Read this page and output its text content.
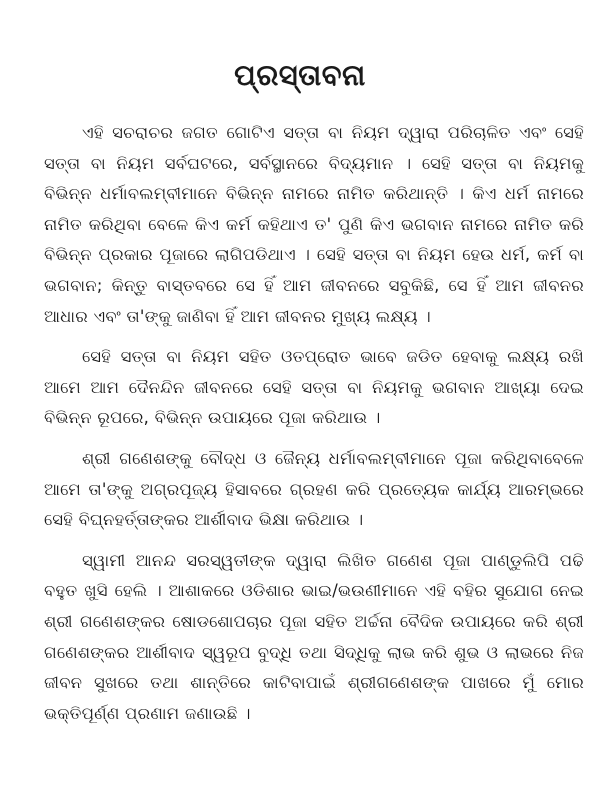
ପ୍ରସ୍ତାବନା

ଏହି ସଚରାଚର ଜଗତ ଗୋଟିଏ ସତ୍ତା ବା ନିୟମ ଦ୍ୱାରା ପରିଚାଳିତ ଏବଂ ସେହି ସତ୍ତା ବା ନିୟମ ସର୍ବଘଟରେ, ସର୍ବସ୍ଥାନରେ ବିଦ୍ୟମାନ । ସେହି ସତ୍ତା ବା ନିୟମକୁ ବିଭିନ୍ନ ଧର୍ମାବଲମ୍ବୀମାନେ ବିଭିନ୍ନ ନାମରେ ନାମିତ କରିଥାନ୍ତି । କିଏ ଧର୍ମ ନାମରେ ନାମିତ କରିଥିବା ବେଳେ କିଏ କର୍ମ କହିଥାଏ ତ' ପୁଣି କିଏ ଭଗବାନ ନାମରେ ନାମିତ କରି ବିଭିନ୍ନ ପ୍ରକାର ପୂଜାରେ ଲାଗିପଡିଥାଏ । ସେହି ସତ୍ତା ବା ନିୟମ ହେଉ ଧର୍ମ, କର୍ମ ବା ଭଗବାନ; କିନ୍ତୁ ବାସ୍ତବରେ ସେ ହିଁ ଆମ ଜୀବନରେ ସବୁକିଛି, ସେ ହିଁ ଆମ ଜୀବନର ଆଧାର ଏବଂ ତା'ଙ୍କୁ ଜାଣିବା ହିଁ ଆମ ଜୀବନର ମୁଖ୍ୟ ଲକ୍ଷ୍ୟ ।

ସେହି ସତ୍ତା ବା ନିୟମ ସହିତ ଓତପ୍ରୋତ ଭାବେ ଜଡିତ ହେବାକୁ ଲକ୍ଷ୍ୟ ରଖି ଆମେ ଆମ ଦୈନନ୍ଦିନ ଜୀବନରେ ସେହି ସତ୍ତା ବା ନିୟମକୁ ଭଗବାନ ଆଖ୍ୟା ଦେଇ ବିଭିନ୍ନ ରୂପରେ, ବିଭିନ୍ନ ଉପାୟରେ ପୂଜା କରିଥାଉ ।

ଶ୍ରୀ ଗଣେଶଙ୍କୁ ବୌଦ୍ଧ ଓ ଜୈନ୍ୟ ଧର୍ମାବଲମ୍ବୀମାନେ ପୂଜା କରିଥିବାବେଳେ ଆମେ ତା'ଙ୍କୁ ଅଗ୍ରପୂଜ୍ୟ ହିସାବରେ ଗ୍ରହଣ କରି ପ୍ରତ୍ୟେକ କାର୍ଯ୍ୟ ଆରମ୍ଭରେ ସେହି ବିଘ୍ନହର୍ତ୍ତାଙ୍କର ଆର୍ଶୀବାଦ ଭିକ୍ଷା କରିଥାଉ ।

ସ୍ୱାମୀ ଆନନ୍ଦ ସରସ୍ୱତୀଙ୍କ ଦ୍ୱାରା ଲିଖିତ ଗଣେଶ ପୂଜା ପାଣ୍ଡୁଲିପି ପଢି ବହୁତ ଖୁସି ହେଲି । ଆଶାକରେ ଓଡିଶାର ଭାଇ/ଭଉଣୀମାନେ ଏହି ବହିର ସୁଯୋଗ ନେଇ ଶ୍ରୀ ଗଣେଶଙ୍କର ଷୋଡଶୋପଚାର ପୂଜା ସହିତ ଅର୍ଚ୍ଚନା ବୈଦିକ ଉପାୟରେ କରି ଶ୍ରୀ ଗଣେଶଙ୍କର ଆର୍ଶୀବାଦ ସ୍ୱରୂପ ବୁଦ୍ଧି ତଥା ସିଦ୍ଧିକୁ ଲାଭ କରି ଶୁଭ ଓ ଲାଭରେ ନିଜ ଜୀବନ ସୁଖରେ ତଥା ଶାନ୍ତିରେ କାଟିବାପାଇଁ ଶ୍ରୀଗଣେଶଙ୍କ ପାଖରେ ମୁଁ ମୋର ଭକ୍ତିପୂର୍ଣ୍ଣ ପ୍ରଣାମ ଜଣାଉଛି ।
